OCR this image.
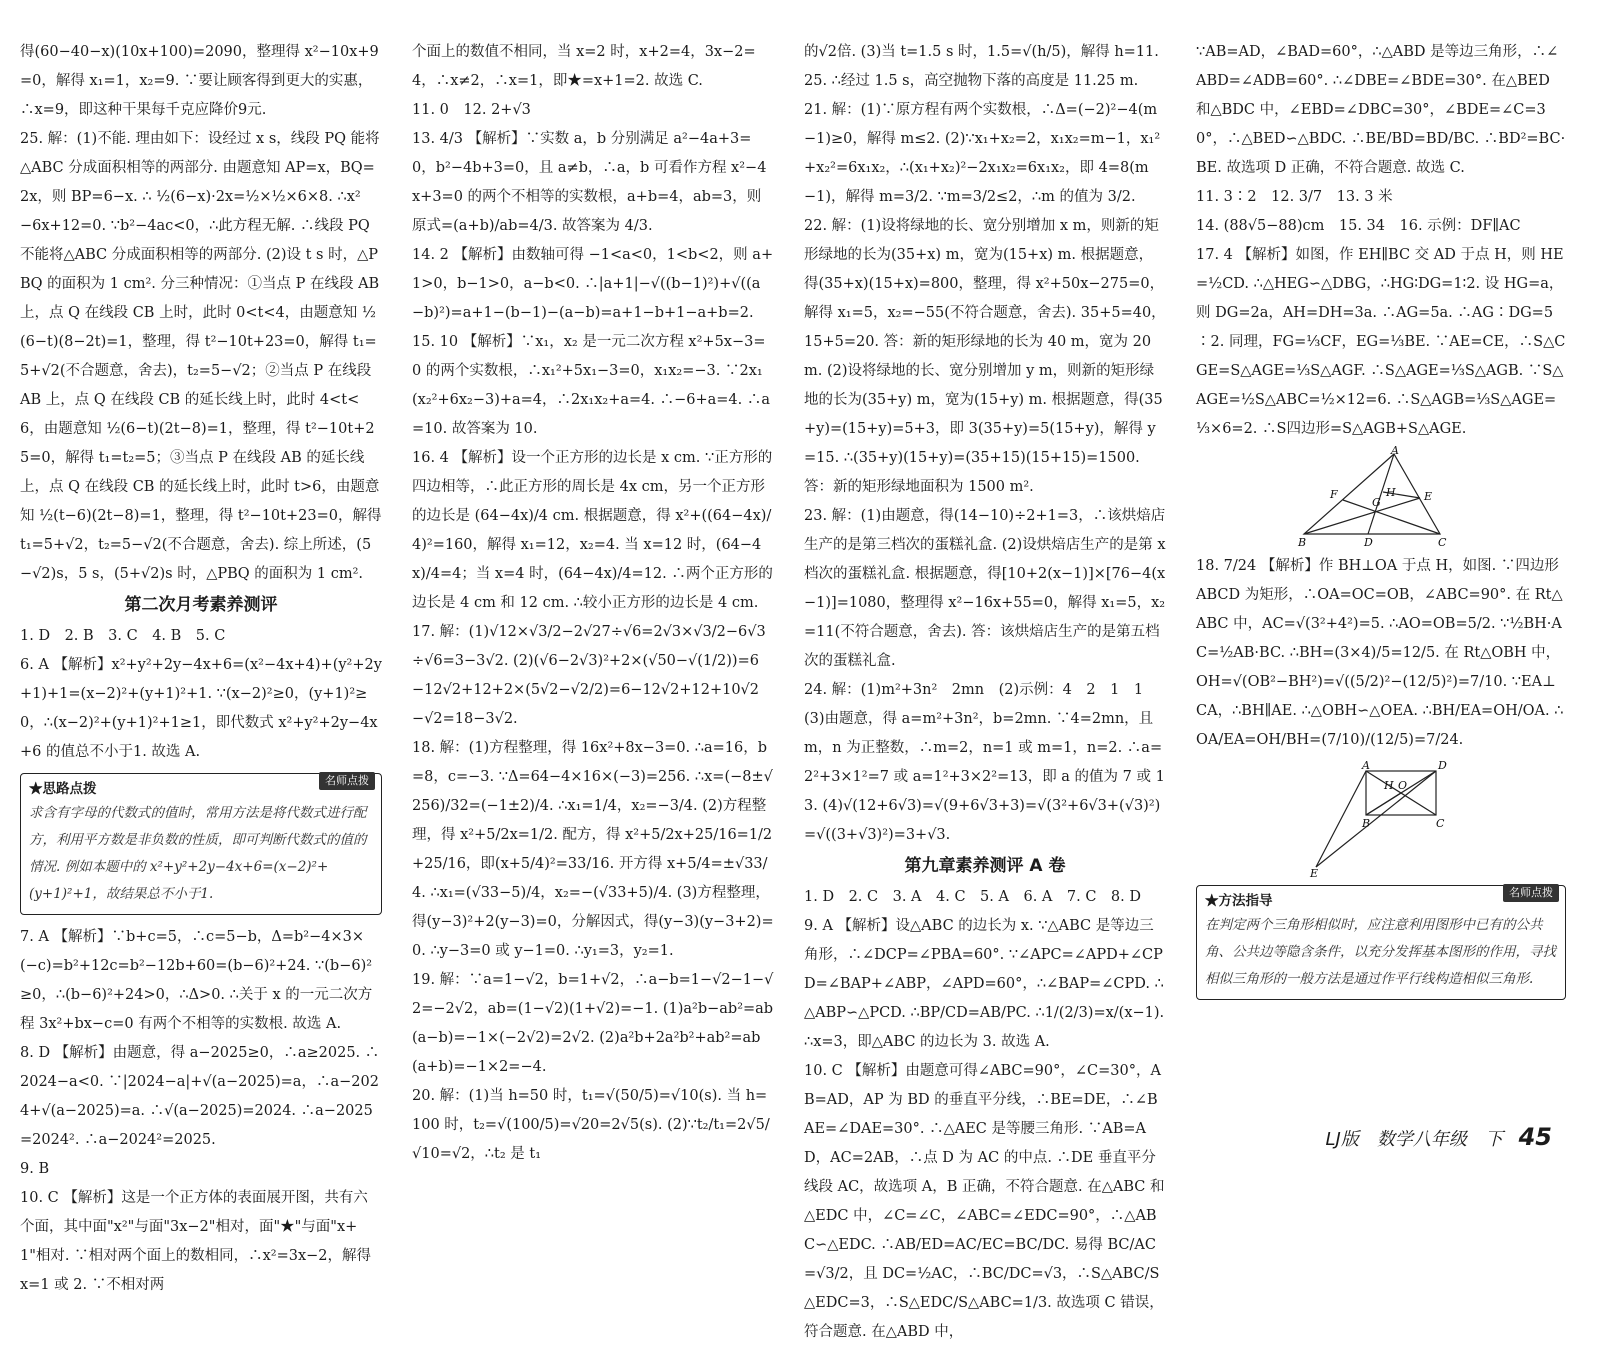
得(60−40−x)(10x+100)=2090，整理得 x²−10x+9=0，解得 x₁=1，x₂=9. ∵要让顾客得到更大的实惠，∴x=9，即这种干果每千克应降价9元.

25. 解：(1)不能. 理由如下：设经过 x s，线段 PQ 能将△ABC 分成面积相等的两部分. 由题意知 AP=x，BQ=2x，则 BP=6−x. ∴ ½(6−x)·2x=½×½×6×8. ∴x²−6x+12=0. ∵b²−4ac<0，∴此方程无解. ∴线段 PQ 不能将△ABC 分成面积相等的两部分. (2)设 t s 时，△PBQ 的面积为 1 cm². 分三种情况：①当点 P 在线段 AB 上，点 Q 在线段 CB 上时，此时 0<t<4，由题意知 ½(6−t)(8−2t)=1，整理，得 t²−10t+23=0，解得 t₁=5+√2(不合题意，舍去)，t₂=5−√2；②当点 P 在线段 AB 上，点 Q 在线段 CB 的延长线上时，此时 4<t<6，由题意知 ½(6−t)(2t−8)=1，整理，得 t²−10t+25=0，解得 t₁=t₂=5；③当点 P 在线段 AB 的延长线上，点 Q 在线段 CB 的延长线上时，此时 t>6，由题意知 ½(t−6)(2t−8)=1，整理，得 t²−10t+23=0，解得 t₁=5+√2，t₂=5−√2(不合题意，舍去). 综上所述，(5−√2)s，5 s，(5+√2)s 时，△PBQ 的面积为 1 cm².

第二次月考素养测评

1. D　2. B　3. C　4. B　5. C

6. A 【解析】x²+y²+2y−4x+6=(x²−4x+4)+(y²+2y+1)+1=(x−2)²+(y+1)²+1. ∵(x−2)²≥0，(y+1)²≥0，∴(x−2)²+(y+1)²+1≥1，即代数式 x²+y²+2y−4x+6 的值总不小于1. 故选 A.

名师点拨
★思路点拨
求含有字母的代数式的值时，常用方法是将代数式进行配方，利用平方数是非负数的性质，即可判断代数式的值的情况. 例如本题中的 x²+y²+2y−4x+6=(x−2)²+(y+1)²+1，故结果总不小于1.

7. A 【解析】∵b+c=5，∴c=5−b，Δ=b²−4×3×(−c)=b²+12c=b²−12b+60=(b−6)²+24. ∵(b−6)²≥0，∴(b−6)²+24>0，∴Δ>0. ∴关于 x 的一元二次方程 3x²+bx−c=0 有两个不相等的实数根. 故选 A.

8. D 【解析】由题意，得 a−2025≥0，∴a≥2025. ∴2024−a<0. ∵|2024−a|+√(a−2025)=a，∴a−2024+√(a−2025)=a. ∴√(a−2025)=2024. ∴a−2025=2024². ∴a−2024²=2025.

9. B

10. C 【解析】这是一个正方体的表面展开图，共有六个面，其中面"x²"与面"3x−2"相对，面"★"与面"x+1"相对. ∵相对两个面上的数相同，∴x²=3x−2，解得 x=1 或 2. ∵不相对两

个面上的数值不相同，当 x=2 时，x+2=4，3x−2=4，∴x≠2，∴x=1，即★=x+1=2. 故选 C.

11. 0　12. 2+√3

13. 4/3 【解析】∵实数 a，b 分别满足 a²−4a+3=0，b²−4b+3=0，且 a≠b，∴a，b 可看作方程 x²−4x+3=0 的两个不相等的实数根，a+b=4，ab=3，则原式=(a+b)/ab=4/3. 故答案为 4/3.

14. 2 【解析】由数轴可得 −1<a<0，1<b<2，则 a+1>0，b−1>0，a−b<0. ∴|a+1|−√((b−1)²)+√((a−b)²)=a+1−(b−1)−(a−b)=a+1−b+1−a+b=2.

15. 10 【解析】∵x₁，x₂ 是一元二次方程 x²+5x−3=0 的两个实数根，∴x₁²+5x₁−3=0，x₁x₂=−3. ∵2x₁(x₂²+6x₂−3)+a=4，∴2x₁x₂+a=4. ∴−6+a=4. ∴a=10. 故答案为 10.

16. 4 【解析】设一个正方形的边长是 x cm. ∵正方形的四边相等，∴此正方形的周长是 4x cm，另一个正方形的边长是 (64−4x)/4 cm. 根据题意，得 x²+((64−4x)/4)²=160，解得 x₁=12，x₂=4. 当 x=12 时，(64−4x)/4=4；当 x=4 时，(64−4x)/4=12. ∴两个正方形的边长是 4 cm 和 12 cm. ∴较小正方形的边长是 4 cm.

17. 解：(1)√12×√3/2−2√27÷√6=2√3×√3/2−6√3÷√6=3−3√2. (2)(√6−2√3)²+2×(√50−√(1/2))=6−12√2+12+2×(5√2−√2/2)=6−12√2+12+10√2−√2=18−3√2.

18. 解：(1)方程整理，得 16x²+8x−3=0. ∴a=16，b=8，c=−3. ∵Δ=64−4×16×(−3)=256. ∴x=(−8±√256)/32=(−1±2)/4. ∴x₁=1/4，x₂=−3/4. (2)方程整理，得 x²+5/2x=1/2. 配方，得 x²+5/2x+25/16=1/2+25/16，即(x+5/4)²=33/16. 开方得 x+5/4=±√33/4. ∴x₁=(√33−5)/4，x₂=−(√33+5)/4. (3)方程整理，得(y−3)²+2(y−3)=0，分解因式，得(y−3)(y−3+2)=0. ∴y−3=0 或 y−1=0. ∴y₁=3，y₂=1.

19. 解：∵a=1−√2，b=1+√2，∴a−b=1−√2−1−√2=−2√2，ab=(1−√2)(1+√2)=−1. (1)a²b−ab²=ab(a−b)=−1×(−2√2)=2√2. (2)a²b+2a²b²+ab²=ab(a+b)=−1×2=−4.

20. 解：(1)当 h=50 时，t₁=√(50/5)=√10(s). 当 h=100 时，t₂=√(100/5)=√20=2√5(s). (2)∵t₂/t₁=2√5/√10=√2，∴t₂ 是 t₁

的√2倍. (3)当 t=1.5 s 时，1.5=√(h/5)，解得 h=11.25. ∴经过 1.5 s，高空抛物下落的高度是 11.25 m.

21. 解：(1)∵原方程有两个实数根，∴Δ=(−2)²−4(m−1)≥0，解得 m≤2. (2)∵x₁+x₂=2，x₁x₂=m−1，x₁²+x₂²=6x₁x₂，∴(x₁+x₂)²−2x₁x₂=6x₁x₂，即 4=8(m−1)，解得 m=3/2. ∵m=3/2≤2，∴m 的值为 3/2.

22. 解：(1)设将绿地的长、宽分别增加 x m，则新的矩形绿地的长为(35+x) m，宽为(15+x) m. 根据题意，得(35+x)(15+x)=800，整理，得 x²+50x−275=0，解得 x₁=5，x₂=−55(不符合题意，舍去). 35+5=40，15+5=20. 答：新的矩形绿地的长为 40 m，宽为 20 m. (2)设将绿地的长、宽分别增加 y m，则新的矩形绿地的长为(35+y) m，宽为(15+y) m. 根据题意，得(35+y)=(15+y)=5+3，即 3(35+y)=5(15+y)，解得 y=15. ∴(35+y)(15+y)=(35+15)(15+15)=1500. 答：新的矩形绿地面积为 1500 m².

23. 解：(1)由题意，得(14−10)÷2+1=3，∴该烘焙店生产的是第三档次的蛋糕礼盒. (2)设烘焙店生产的是第 x 档次的蛋糕礼盒. 根据题意，得[10+2(x−1)]×[76−4(x−1)]=1080，整理得 x²−16x+55=0，解得 x₁=5，x₂=11(不符合题意，舍去). 答：该烘焙店生产的是第五档次的蛋糕礼盒.

24. 解：(1)m²+3n²　2mn　(2)示例：4　2　1　1　(3)由题意，得 a=m²+3n²，b=2mn. ∵4=2mn，且 m，n 为正整数，∴m=2，n=1 或 m=1，n=2. ∴a=2²+3×1²=7 或 a=1²+3×2²=13，即 a 的值为 7 或 13. (4)√(12+6√3)=√(9+6√3+3)=√(3²+6√3+(√3)²)=√((3+√3)²)=3+√3.

第九章素养测评 A 卷

1. D　2. C　3. A　4. C　5. A　6. A　7. C　8. D

9. A 【解析】设△ABC 的边长为 x. ∵△ABC 是等边三角形，∴∠DCP=∠PBA=60°. ∵∠APC=∠APD+∠CPD=∠BAP+∠ABP，∠APD=60°，∴∠BAP=∠CPD. ∴△ABP∽△PCD. ∴BP/CD=AB/PC. ∴1/(2/3)=x/(x−1). ∴x=3，即△ABC 的边长为 3. 故选 A.

10. C 【解析】由题意可得∠ABC=90°，∠C=30°，AB=AD，AP 为 BD 的垂直平分线，∴BE=DE，∴∠BAE=∠DAE=30°. ∴△AEC 是等腰三角形. ∵AB=AD，AC=2AB，∴点 D 为 AC 的中点. ∴DE 垂直平分线段 AC，故选项 A，B 正确，不符合题意. 在△ABC 和△EDC 中，∠C=∠C，∠ABC=∠EDC=90°，∴△ABC∽△EDC. ∴AB/ED=AC/EC=BC/DC. 易得 BC/AC=√3/2，且 DC=½AC，∴BC/DC=√3，∴S△ABC/S△EDC=3，∴S△EDC/S△ABC=1/3. 故选项 C 错误，符合题意. 在△ABD 中，

∵AB=AD，∠BAD=60°，∴△ABD 是等边三角形，∴∠ABD=∠ADB=60°. ∴∠DBE=∠BDE=30°. 在△BED 和△BDC 中，∠EBD=∠DBC=30°，∠BDE=∠C=30°，∴△BED∽△BDC. ∴BE/BD=BD/BC. ∴BD²=BC·BE. 故选项 D 正确，不符合题意. 故选 C.

11. 3∶2　12. 3/7　13. 3 米

14. (88√5−88)cm　15. 34　16. 示例：DF∥AC

17. 4 【解析】如图，作 EH∥BC 交 AD 于点 H，则 HE=½CD. ∴△HEG∽△DBG，∴HG∶DG=1∶2. 设 HG=a，则 DG=2a，AH=DH=3a. ∴AG=5a. ∴AG∶DG=5∶2. 同理，FG=⅓CF，EG=⅓BE. ∵AE=CE，∴S△CGE=S△AGE=⅓S△AGF. ∴S△AGE=⅓S△AGB. ∵S△AGE=½S△ABC=½×12=6. ∴S△AGB=⅓S△AGE=⅓×6=2. ∴S四边形=S△AGB+S△AGE.

A
F
G
H	E
B	D	C

18. 7/24 【解析】作 BH⊥OA 于点 H，如图. ∵四边形 ABCD 为矩形，∴OA=OC=OB，∠ABC=90°. 在 Rt△ABC 中，AC=√(3²+4²)=5. ∴AO=OB=5/2. ∵½BH·AC=½AB·BC. ∴BH=(3×4)/5=12/5. 在 Rt△OBH 中，OH=√(OB²−BH²)=√((5/2)²−(12/5)²)=7/10. ∵EA⊥CA，∴BH∥AE. ∴△OBH∽△OEA. ∴BH/EA=OH/OA. ∴OA/EA=OH/BH=(7/10)/(12/5)=7/24.

A	D
H O
B	C
E
名师点拨
★方法指导
在判定两个三角形相似时，应注意利用图形中已有的公共角、公共边等隐含条件，以充分发挥基本图形的作用，寻找相似三角形的一般方法是通过作平行线构造相似三角形.
LJ版　数学八年级　下 45
